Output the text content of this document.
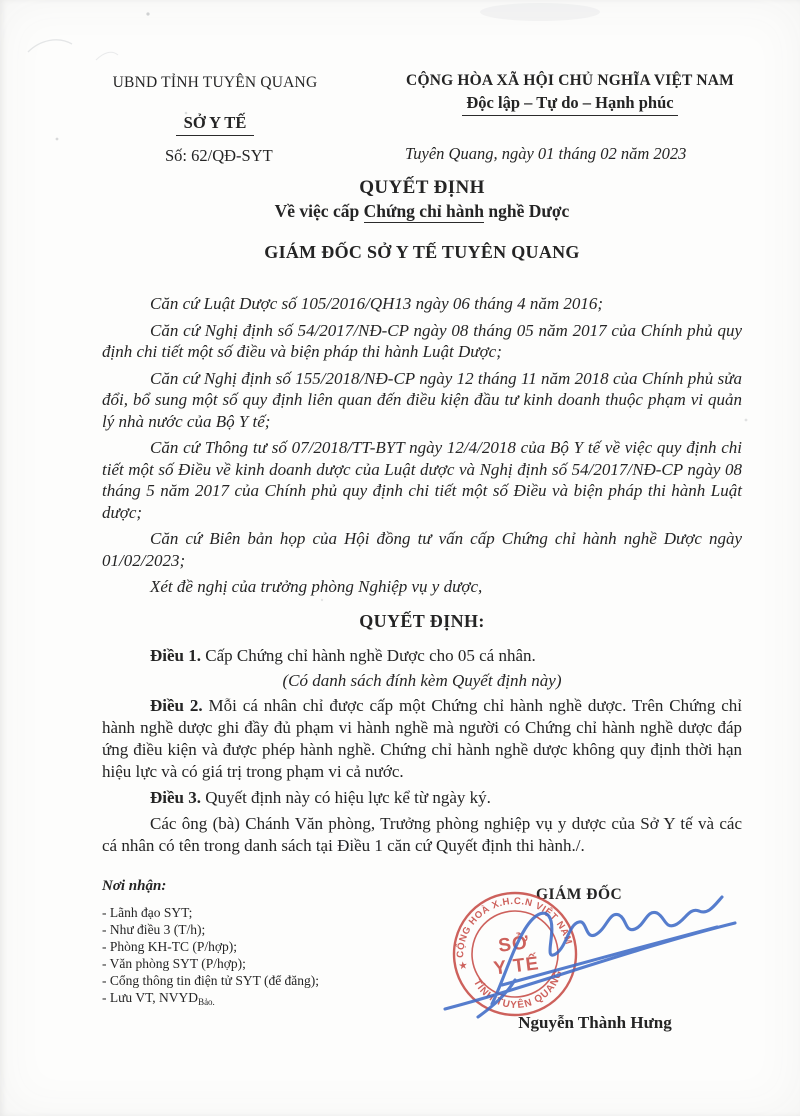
UBND TỈNH TUYÊN QUANG

SỞ Y TẾ
CỘNG HÒA XÃ HỘI CHỦ NGHĨA VIỆT NAM
Độc lập – Tự do – Hạnh phúc
Số: 62/QĐ-SYT	Tuyên Quang, ngày 01 tháng 02 năm 2023
QUYẾT ĐỊNH
Về việc cấp Chứng chỉ hành nghề Dược
GIÁM ĐỐC SỞ Y TẾ TUYÊN QUANG

Căn cứ Luật Dược số 105/2016/QH13 ngày 06 tháng 4 năm 2016;

Căn cứ Nghị định số 54/2017/NĐ-CP ngày 08 tháng 05 năm 2017 của Chính phủ quy định chi tiết một số điều và biện pháp thi hành Luật Dược;

Căn cứ Nghị định số 155/2018/NĐ-CP ngày 12 tháng 11 năm 2018 của Chính phủ sửa đổi, bổ sung một số quy định liên quan đến điều kiện đầu tư kinh doanh thuộc phạm vi quản lý nhà nước của Bộ Y tế;

Căn cứ Thông tư số 07/2018/TT-BYT ngày 12/4/2018 của Bộ Y tế về việc quy định chi tiết một số Điều về kinh doanh dược của Luật dược và Nghị định số 54/2017/NĐ-CP ngày 08 tháng 5 năm 2017 của Chính phủ quy định chi tiết một số Điều và biện pháp thi hành Luật dược;

Căn cứ Biên bản họp của Hội đồng tư vấn cấp Chứng chỉ hành nghề Dược ngày 01/02/2023;

Xét đề nghị của trưởng phòng Nghiệp vụ y dược,

QUYẾT ĐỊNH:

Điều 1. Cấp Chứng chỉ hành nghề Dược cho 05 cá nhân.

(Có danh sách đính kèm Quyết định này)

Điều 2. Mỗi cá nhân chỉ được cấp một Chứng chỉ hành nghề dược. Trên Chứng chỉ hành nghề dược ghi đầy đủ phạm vi hành nghề mà người có Chứng chỉ hành nghề dược đáp ứng điều kiện và được phép hành nghề. Chứng chỉ hành nghề dược không quy định thời hạn hiệu lực và có giá trị trong phạm vi cả nước.

Điều 3. Quyết định này có hiệu lực kể từ ngày ký.

Các ông (bà) Chánh Văn phòng, Trưởng phòng nghiệp vụ y dược của Sở Y tế và các cá nhân có tên trong danh sách tại Điều 1 căn cứ Quyết định thi hành./.

Nơi nhận:
- Lãnh đạo SYT;
- Như điều 3 (T/h);
- Phòng KH-TC (P/hợp);
- Văn phòng SYT (P/hợp);
- Cổng thông tin điện tử SYT (để đăng);
- Lưu VT, $NVYD_{Bảo.}$
GIÁM ĐỐC
CỘNG HOÀ X.H.C.N VIỆT NAM
TỈNH TUYÊN QUANG
★
SỞ
Y TẾ
Nguyễn Thành Hưng
